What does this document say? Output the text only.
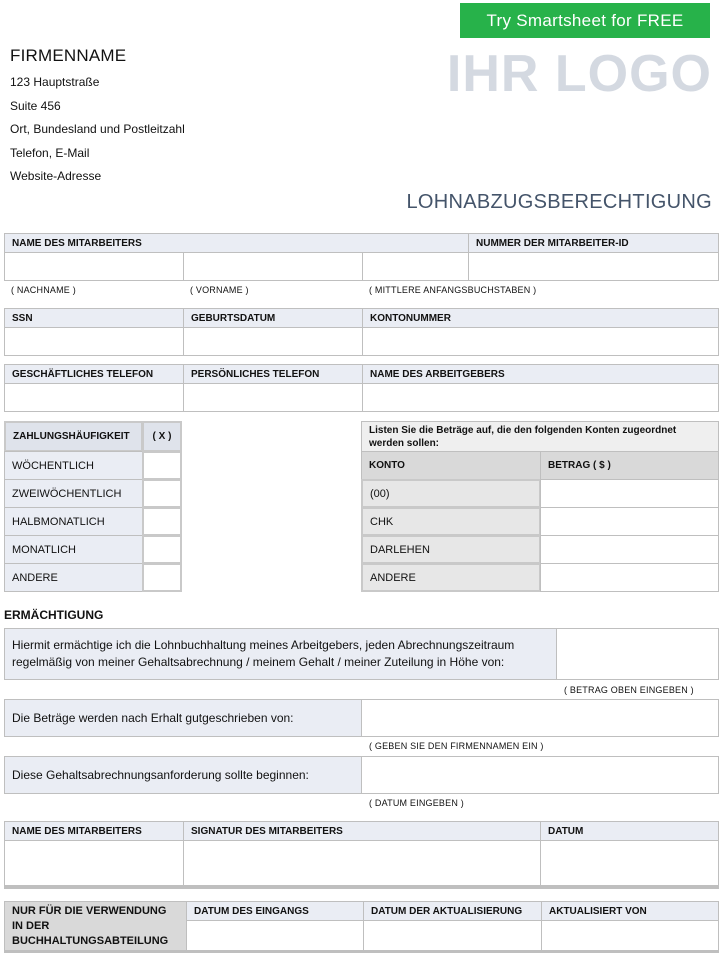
Try Smartsheet for FREE
FIRMENNAME
123 Hauptstraße
Suite 456
Ort, Bundesland und Postleitzahl
Telefon, E-Mail
Website-Adresse
IHR LOGO
LOHNABZUGSBERECHTIGUNG
NAME DES MITARBEITERS	NUMMER DER MITARBEITER-ID
( NACHNAME )	( VORNAME )	( MITTLERE ANFANGSBUCHSTABEN )
SSN	GEBURTSDATUM	KONTONUMMER
GESCHÄFTLICHES TELEFON	PERSÖNLICHES TELEFON	NAME DES ARBEITGEBERS
ZAHLUNGSHÄUFIGKEIT	( X )
WÖCHENTLICH
ZWEIWÖCHENTLICH
HALBMONATLICH
MONATLICH
ANDERE
Listen Sie die Beträge auf, die den folgenden Konten zugeordnet werden sollen:
KONTO	BETRAG ( $ )
(00)
CHK
DARLEHEN
ANDERE
ERMÄCHTIGUNG
Hiermit ermächtige ich die Lohnbuchhaltung meines Arbeitgebers, jeden Abrechnungszeitraum regelmäßig von meiner Gehaltsabrechnung / meinem Gehalt / meiner Zuteilung in Höhe von:
( BETRAG OBEN EINGEBEN )
Die Beträge werden nach Erhalt gutgeschrieben von:
( GEBEN SIE DEN FIRMENNAMEN EIN )
Diese Gehaltsabrechnungsanforderung sollte beginnen:
( DATUM EINGEBEN )
NAME DES MITARBEITERS	SIGNATUR DES MITARBEITERS	DATUM
NUR FÜR DIE VERWENDUNG IN DER BUCHHALTUNGSABTEILUNG
DATUM DES EINGANGS	DATUM DER AKTUALISIERUNG	AKTUALISIERT VON
